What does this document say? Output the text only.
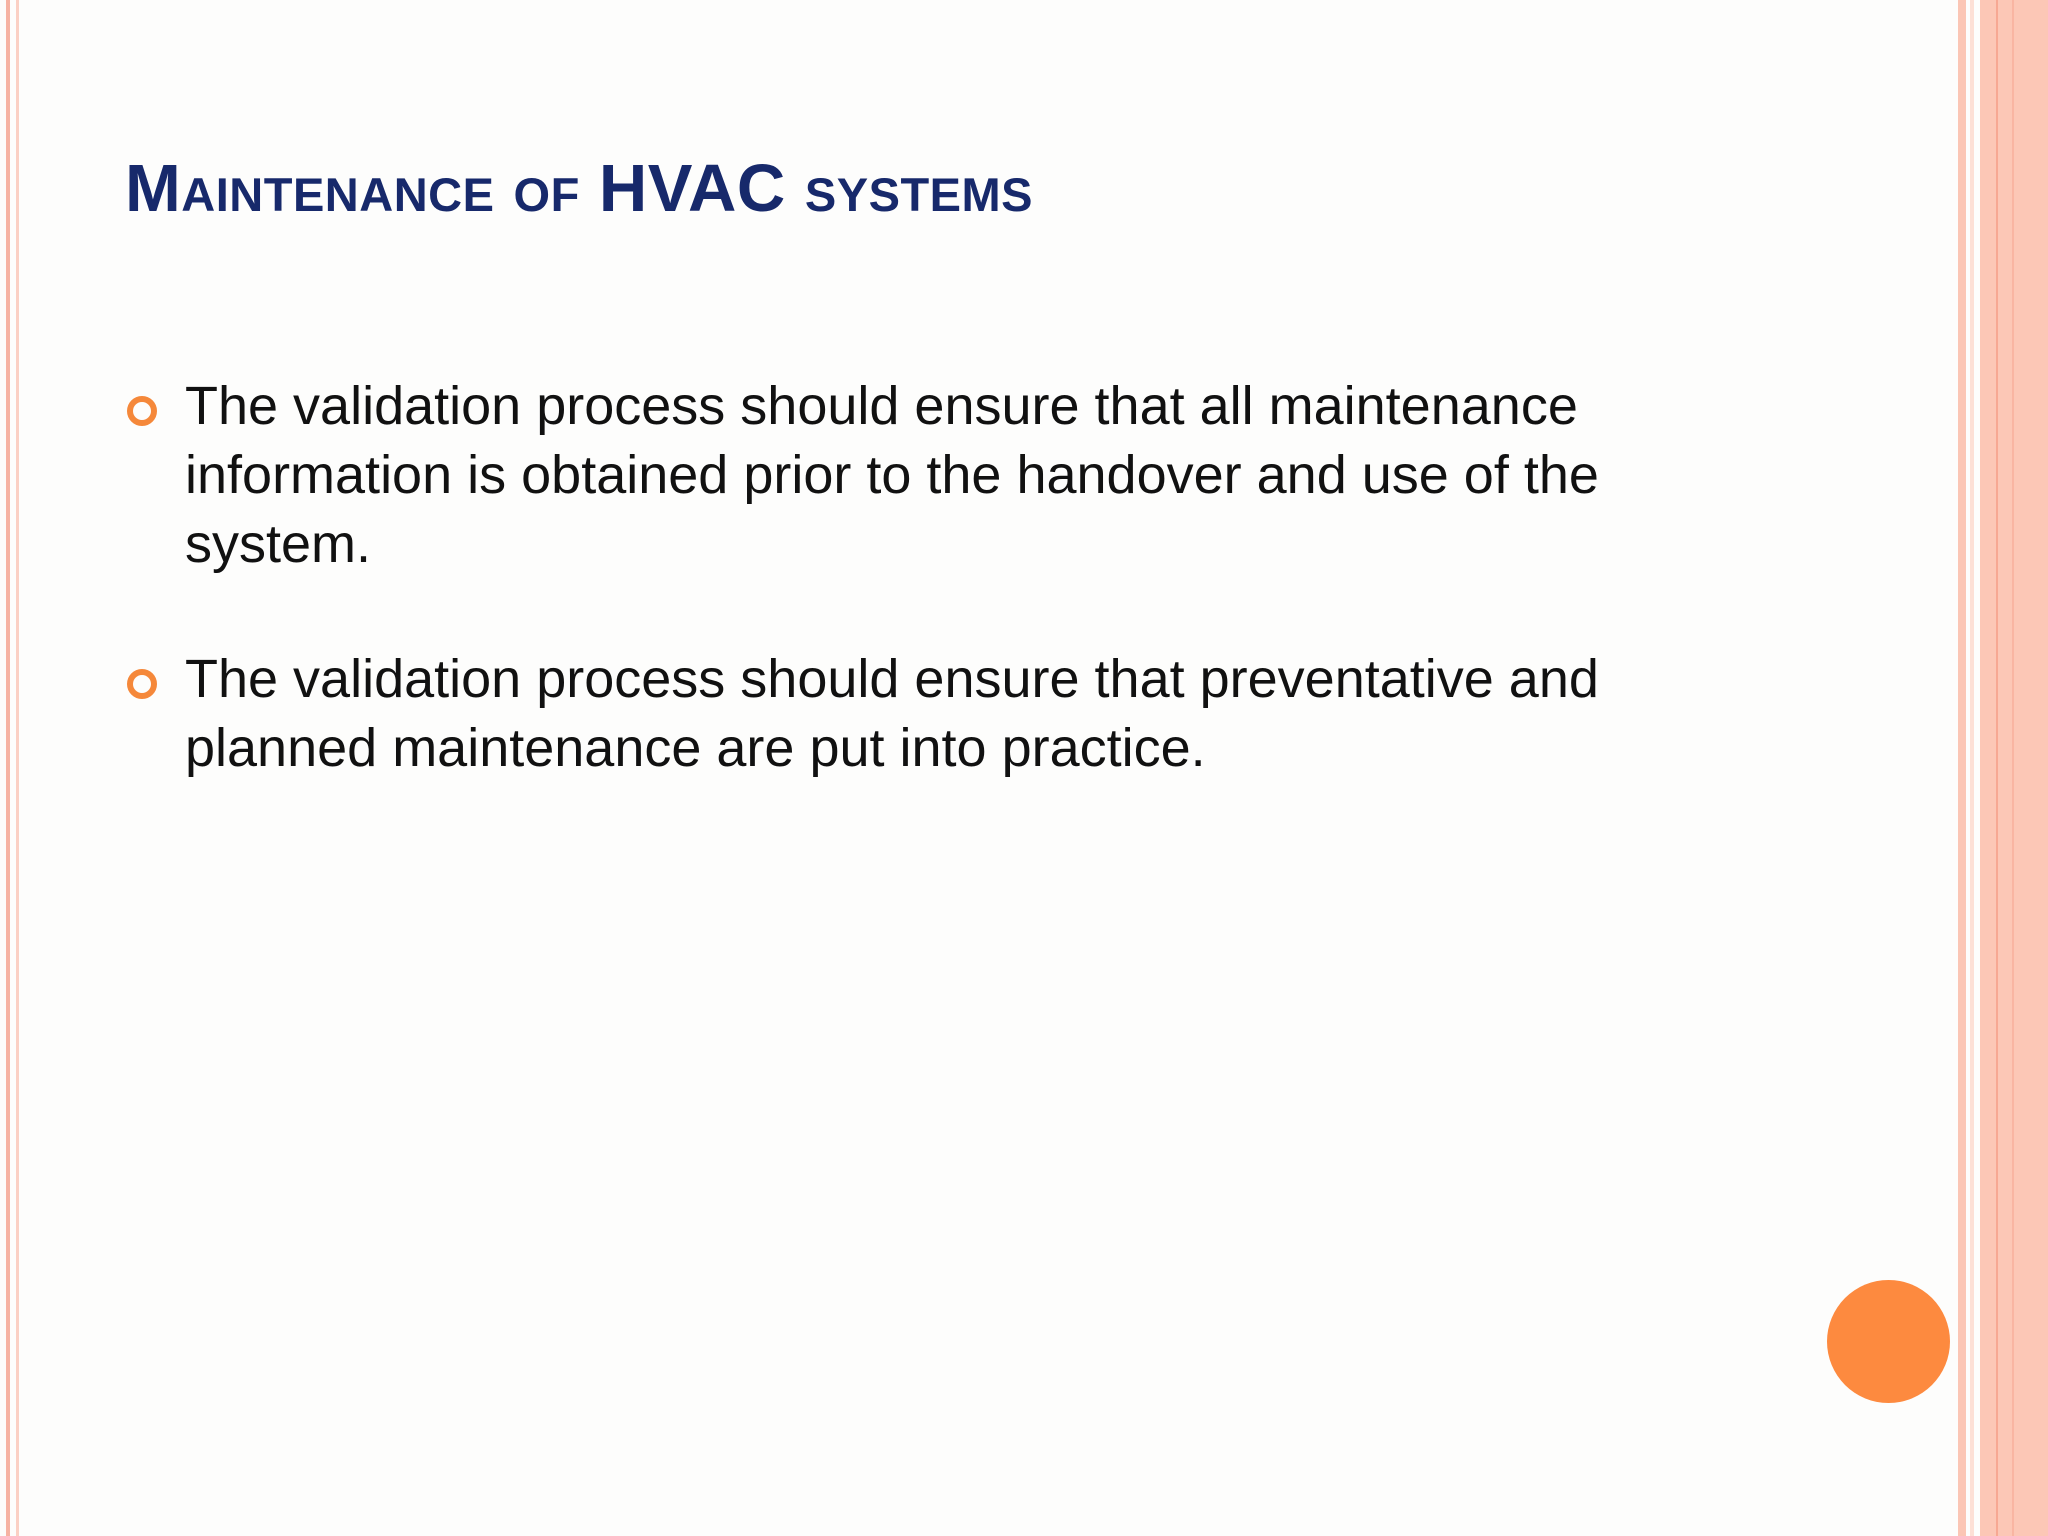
Maintenance of HVAC systems
The validation process should ensure that all maintenance information is obtained prior to the handover and use of the system.
The validation process should ensure that preventative and planned maintenance are put into practice.
